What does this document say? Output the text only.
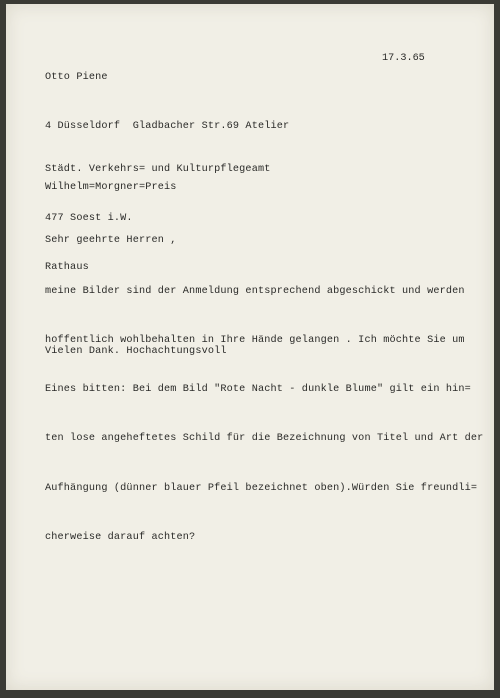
Otto Piene

4 Düsseldorf  Gladbacher Str.69 Atelier

17.3.65

Städt. Verkehrs= und Kulturpflegeamt

477 Soest i.W.

Rathaus

Wilhelm=Morgner=Preis
Sehr geehrte Herren ,

meine Bilder sind der Anmeldung entsprechend abgeschickt und werden

hoffentlich wohlbehalten in Ihre Hände gelangen . Ich möchte Sie um

Eines bitten: Bei dem Bild "Rote Nacht - dunkle Blume" gilt ein hin=

ten lose angeheftetes Schild für die Bezeichnung von Titel und Art der

Aufhängung (dünner blauer Pfeil bezeichnet oben).Würden Sie freundli=

cherweise darauf achten?

Vielen Dank. Hochachtungsvoll
